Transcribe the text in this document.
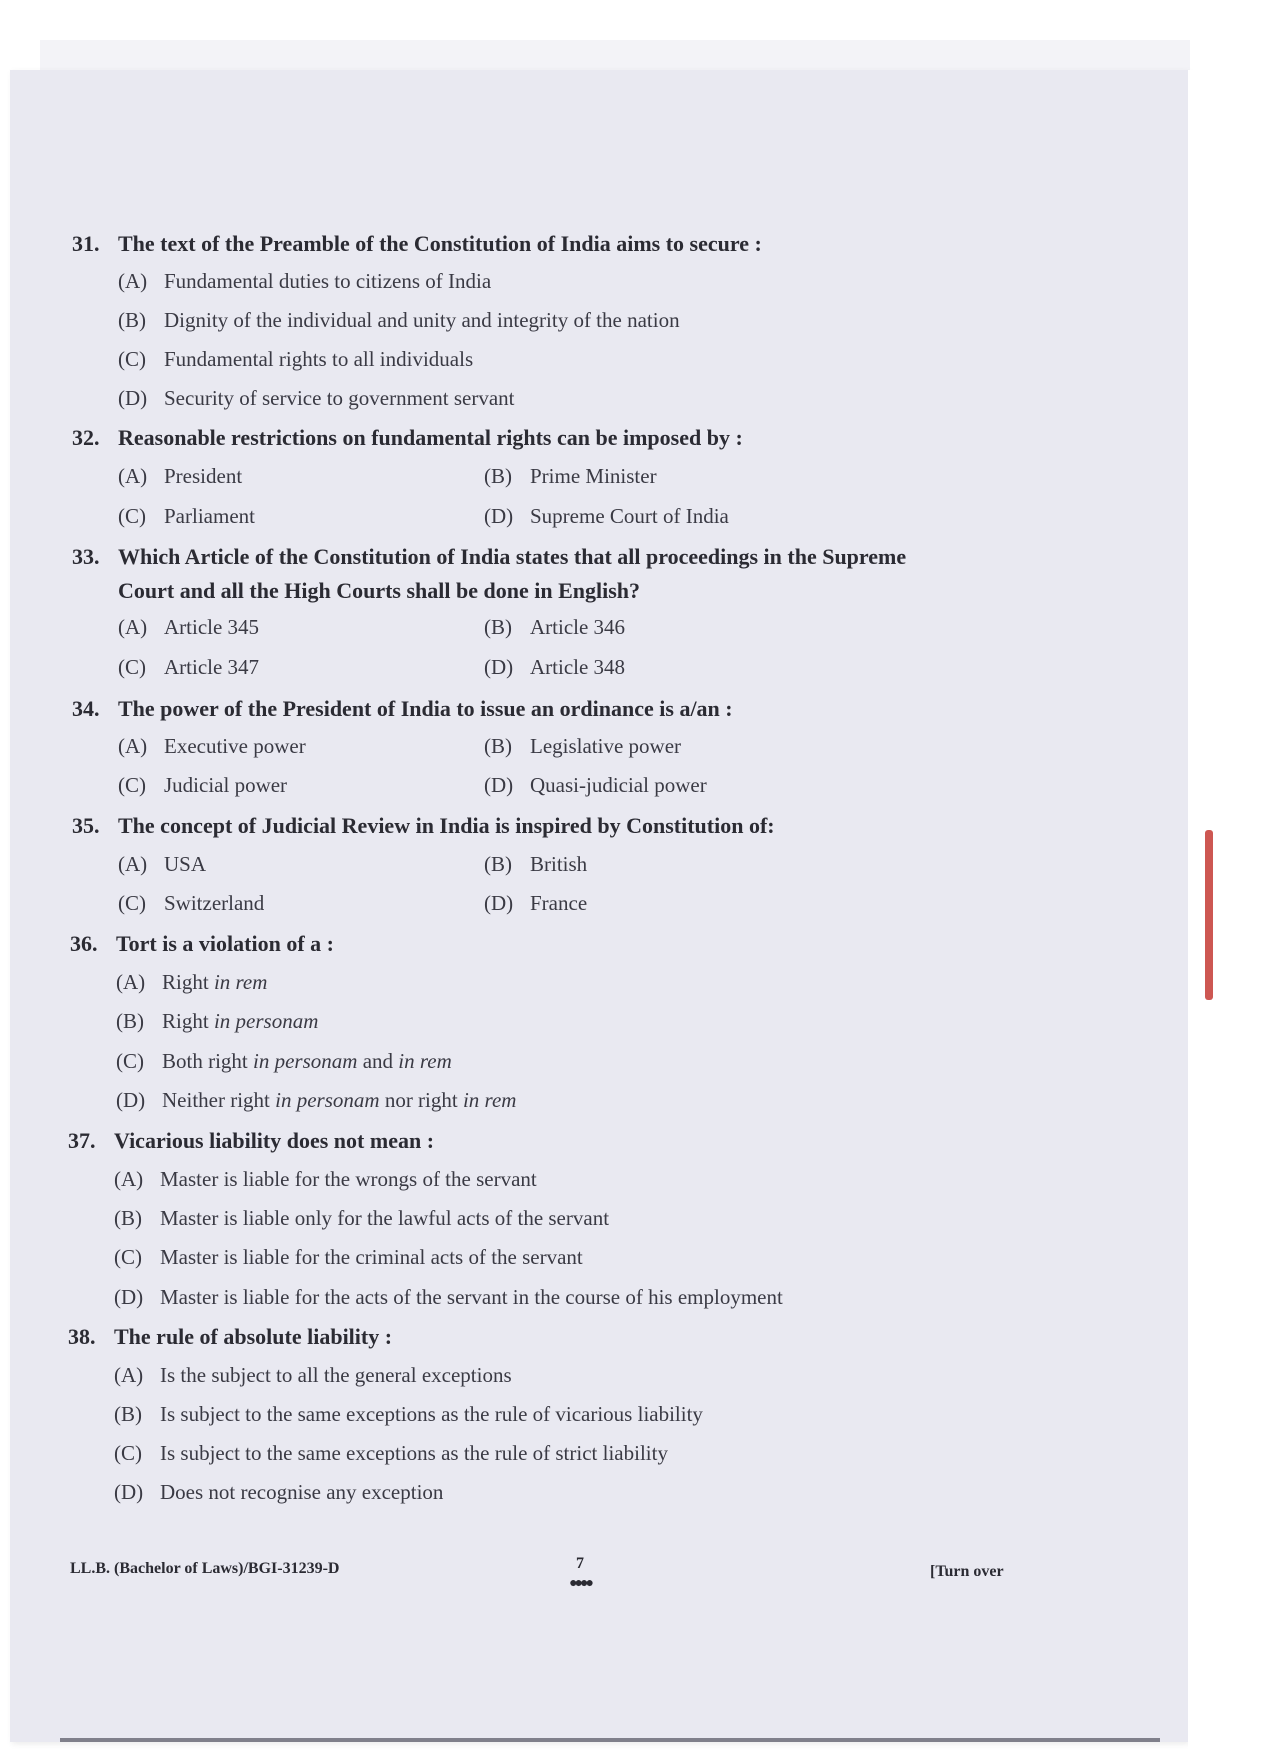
31. The text of the Preamble of the Constitution of India aims to secure :
(A) Fundamental duties to citizens of India
(B) Dignity of the individual and unity and integrity of the nation
(C) Fundamental rights to all individuals
(D) Security of service to government servant
32. Reasonable restrictions on fundamental rights can be imposed by :
(A) President	(B) Prime Minister
(C) Parliament	(D) Supreme Court of India
33. Which Article of the Constitution of India states that all proceedings in the Supreme
Court and all the High Courts shall be done in English?
(A) Article 345	(B) Article 346
(C) Article 347	(D) Article 348
34. The power of the President of India to issue an ordinance is a/an :
(A) Executive power	(B) Legislative power
(C) Judicial power	(D) Quasi-judicial power
35. The concept of Judicial Review in India is inspired by Constitution of:
(A) USA	(B) British
(C) Switzerland	(D) France
36. Tort is a violation of a :
(A) Right in rem
(B) Right in personam
(C) Both right in personam and in rem
(D) Neither right in personam nor right in rem
37. Vicarious liability does not mean :
(A) Master is liable for the wrongs of the servant
(B) Master is liable only for the lawful acts of the servant
(C) Master is liable for the criminal acts of the servant
(D) Master is liable for the acts of the servant in the course of his employment
38. The rule of absolute liability :
(A) Is the subject to all the general exceptions
(B) Is subject to the same exceptions as the rule of vicarious liability
(C) Is subject to the same exceptions as the rule of strict liability
(D) Does not recognise any exception
LL.B. (Bachelor of Laws)/BGI-31239-D	7
●●●●
[Turn over
